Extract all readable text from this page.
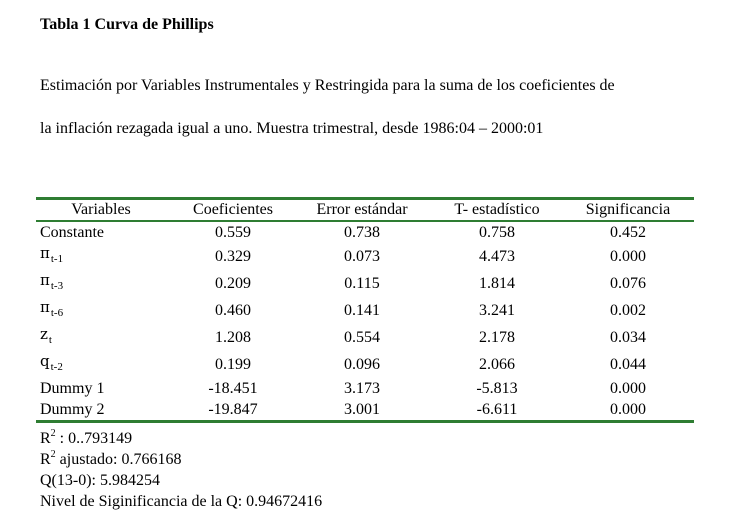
Tabla 1 Curva de Phillips
Estimación por Variables Instrumentales y Restringida para la suma de los coeficientes de
la inflación rezagada igual a uno. Muestra trimestral, desde 1986:04 – 2000:01
Variables	Coeficientes	Error estándar	T- estadístico	Significancia
Constante	0.559	0.738	0.758	0.452
$\pi_{t-1}$	0.329	0.073	4.473	0.000
$\pi_{t-3}$	0.209	0.115	1.814	0.076
$\pi_{t-6}$	0.460	0.141	3.241	0.002
$z_t$	1.208	0.554	2.178	0.034
$q_{t-2}$	0.199	0.096	2.066	0.044
Dummy 1	-18.451	3.173	-5.813	0.000
Dummy 2	-19.847	3.001	-6.611	0.000
$R^2$ : 0..793149
$R^2$ ajustado: 0.766168
Q(13-0): 5.984254
Nivel de Siginificancia de la Q: 0.94672416
